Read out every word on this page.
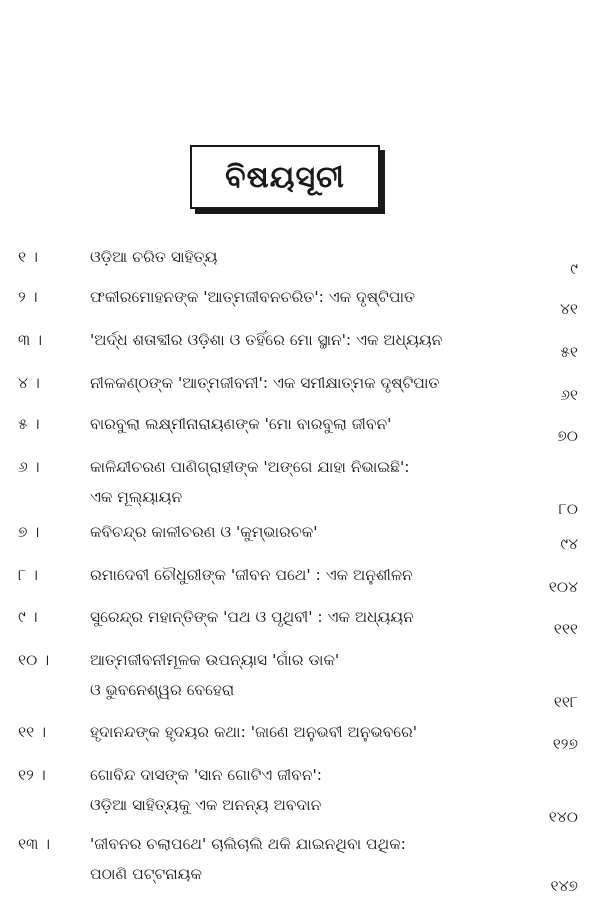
ବିଷୟସୂଚୀ
୧ ।	ଓଡ଼ିଆ ଚରିତ ସାହିତ୍ୟ
୯
୨ ।	ଫକୀରମୋହନଙ୍କ 'ଆତ୍ମଜୀବନଚରିତ': ଏକ ଦୃଷ୍ଟିପାତ
୪୧
୩ ।	'ଅର୍ଦ୍ଧ ଶତାବ୍ଦୀର ଓଡ଼ିଶା ଓ ତହିଁରେ ମୋ ସ୍ଥାନ': ଏକ ଅଧ୍ୟୟନ
୫୧
୪ ।	ନୀଳକଣ୍ଠଙ୍କ 'ଆତ୍ମଜୀବନୀ': ଏକ ସମୀକ୍ଷାତ୍ମକ ଦୃଷ୍ଟିପାତ
୬୧
୫ ।	ବାରବୁଲା ଲକ୍ଷ୍ମୀନାରାୟଣଙ୍କ 'ମୋ ବାରବୁଲା ଜୀବନ'
୭୦
୬ ।	କାଳିନ୍ଦୀଚରଣ ପାଣିଗ୍ରାହୀଙ୍କ 'ଅଙ୍ଗେ ଯାହା ନିଭାଇଛି':
ଏକ ମୂଲ୍ୟାୟନ
୮୦
୭ ।	କବିଚନ୍ଦ୍ର କାଳୀଚରଣ ଓ 'କୁମ୍ଭାରଚକ'
୯୪
୮ ।	ରମାଦେବୀ ଚୌଧୁରୀଙ୍କ 'ଜୀବନ ପଥେ' : ଏକ ଅନୁଶୀଳନ
୧୦୪
୯ ।	ସୁରେନ୍ଦ୍ର ମହାନ୍ତିଙ୍କ 'ପଥ ଓ ପୃଥିବୀ' : ଏକ ଅଧ୍ୟୟନ
୧୧୧
୧୦ ।	ଆତ୍ମଜୀବନୀମୂଳକ ଉପନ୍ୟାସ 'ଗାଁର ଡାକ'
ଓ ଭୁବନେଶ୍ୱର ବେହେରା
୧୧୮
୧୧ ।	ହୃଦାନନ୍ଦଙ୍କ ହୃଦୟର କଥା: 'ଜାଣେ ଅନୁଭବୀ ଅନୁଭବରେ'
୧୨୭
୧୨ ।	ଗୋବିନ୍ଦ ଦାସଙ୍କ 'ସାନ ଗୋଟିଏ ଜୀବନ':
ଓଡ଼ିଆ ସାହିତ୍ୟକୁ ଏକ ଅନନ୍ୟ ଅବଦାନ
୧୪୦
୧୩ ।	'ଜୀବନର ଚଲାପଥେ' ଚାଲିଚାଲି ଥକି ଯାଇନଥିବା ପଥିକ:
ପଠାଣି ପଟ୍ଟନାୟକ
୧୪୭
